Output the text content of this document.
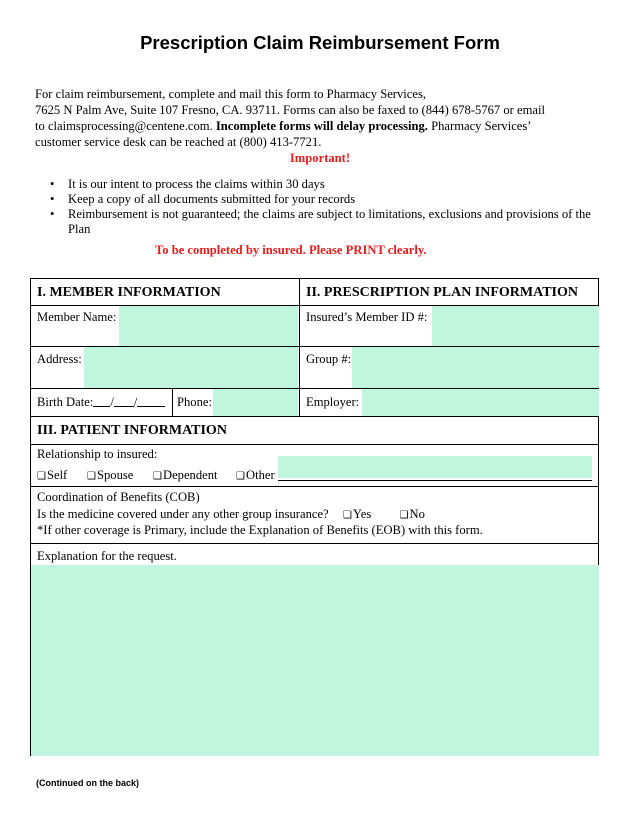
Prescription Claim Reimbursement Form
For claim reimbursement, complete and mail this form to Pharmacy Services,
7625 N Palm Ave, Suite 107 Fresno, CA. 93711. Forms can also be faxed to (844) 678-5767 or email
to claimsprocessing@centene.com. Incomplete forms will delay processing. Pharmacy Services’
customer service desk can be reached at (800) 413-7721.
Important!
• It is our intent to process the claims within 30 days
• Keep a copy of all documents submitted for your records
• Reimbursement is not guaranteed; the claims are subject to limitations, exclusions and provisions of the Plan
To be completed by insured. Please PRINT clearly.
I. MEMBER INFORMATION	II. PRESCRIPTION PLAN INFORMATION
Member Name:	Insured’s Member ID #:
Address:	Group #:
Birth Date: / /	Phone:	Employer:
III. PATIENT INFORMATION
Relationship to insured:
❑Self ❑Spouse ❑Dependent ❑Other
Coordination of Benefits (COB)
Is the medicine covered under any other group insurance? ❑Yes	❑No
*If other coverage is Primary, include the Explanation of Benefits (EOB) with this form.
Explanation for the request.
(Continued on the back)
